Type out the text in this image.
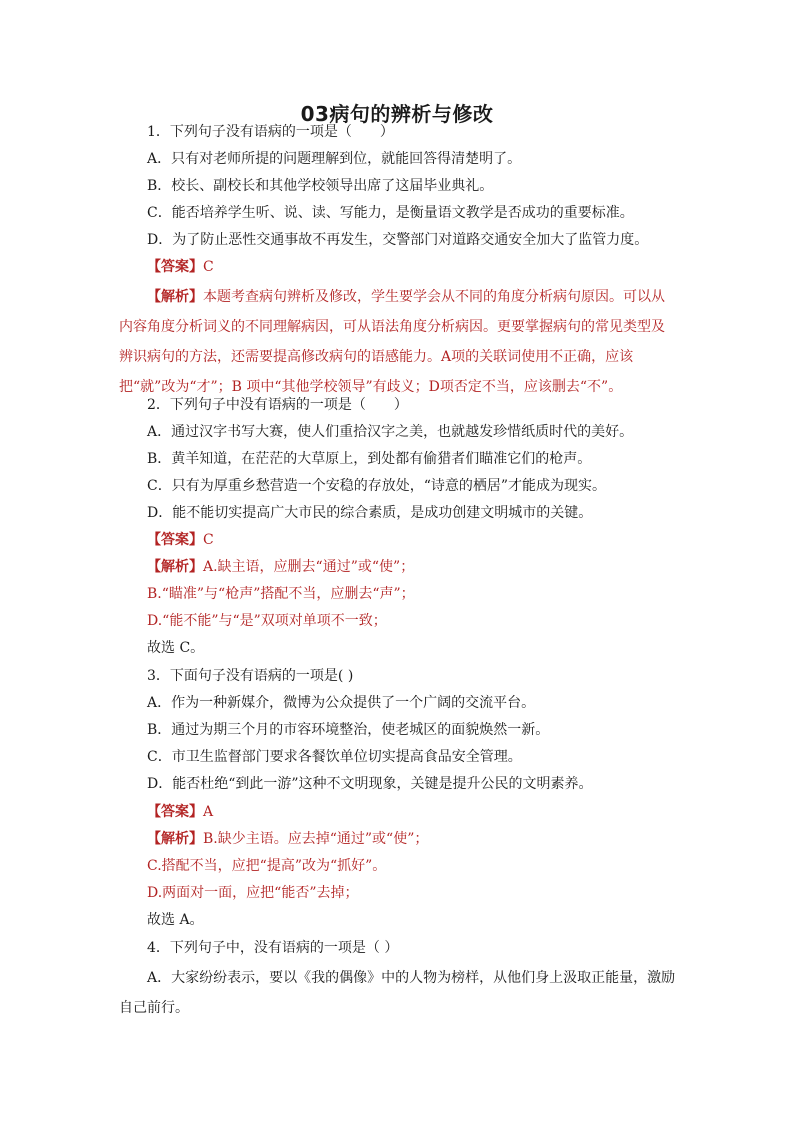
03病句的辨析与修改
1．下列句子没有语病的一项是（　　）
A．只有对老师所提的问题理解到位，就能回答得清楚明了。
B．校长、副校长和其他学校领导出席了这届毕业典礼。
C．能否培养学生听、说、读、写能力，是衡量语文教学是否成功的重要标准。
D．为了防止恶性交通事故不再发生，交警部门对道路交通安全加大了监管力度。
【答案】C
【解析】本题考查病句辨析及修改，学生要学会从不同的角度分析病句原因。可以从内容角度分析词义的不同理解病因，可从语法角度分析病因。更要掌握病句的常见类型及辨识病句的方法，还需要提高修改病句的语感能力。A项的关联词使用不正确，应该把“就”改为“才”；B 项中“其他学校领导”有歧义；D项否定不当，应该删去“不”。
2．下列句子中没有语病的一项是（　　）
A．通过汉字书写大赛，使人们重拾汉字之美，也就越发珍惜纸质时代的美好。
B．黄羊知道，在茫茫的大草原上，到处都有偷猎者们瞄准它们的枪声。
C．只有为厚重乡愁营造一个安稳的存放处，“诗意的栖居”才能成为现实。
D．能不能切实提高广大市民的综合素质，是成功创建文明城市的关键。
【答案】C
【解析】A.缺主语，应删去“通过”或“使”；
B.“瞄准”与“枪声”搭配不当，应删去“声”；
D.“能不能”与“是”双项对单项不一致；
故选 C。
3．下面句子没有语病的一项是( )
A．作为一种新媒介，微博为公众提供了一个广阔的交流平台。
B．通过为期三个月的市容环境整治，使老城区的面貌焕然一新。
C．市卫生监督部门要求各餐饮单位切实提高食品安全管理。
D．能否杜绝“到此一游”这种不文明现象，关键是提升公民的文明素养。
【答案】A
【解析】B.缺少主语。应去掉“通过”或“使”；
C.搭配不当，应把“提高”改为“抓好”。
D.两面对一面，应把“能否”去掉；
故选 A。
4．下列句子中，没有语病的一项是（ ）
A．大家纷纷表示，要以《我的偶像》中的人物为榜样，从他们身上汲取正能量，激励自己前行。
